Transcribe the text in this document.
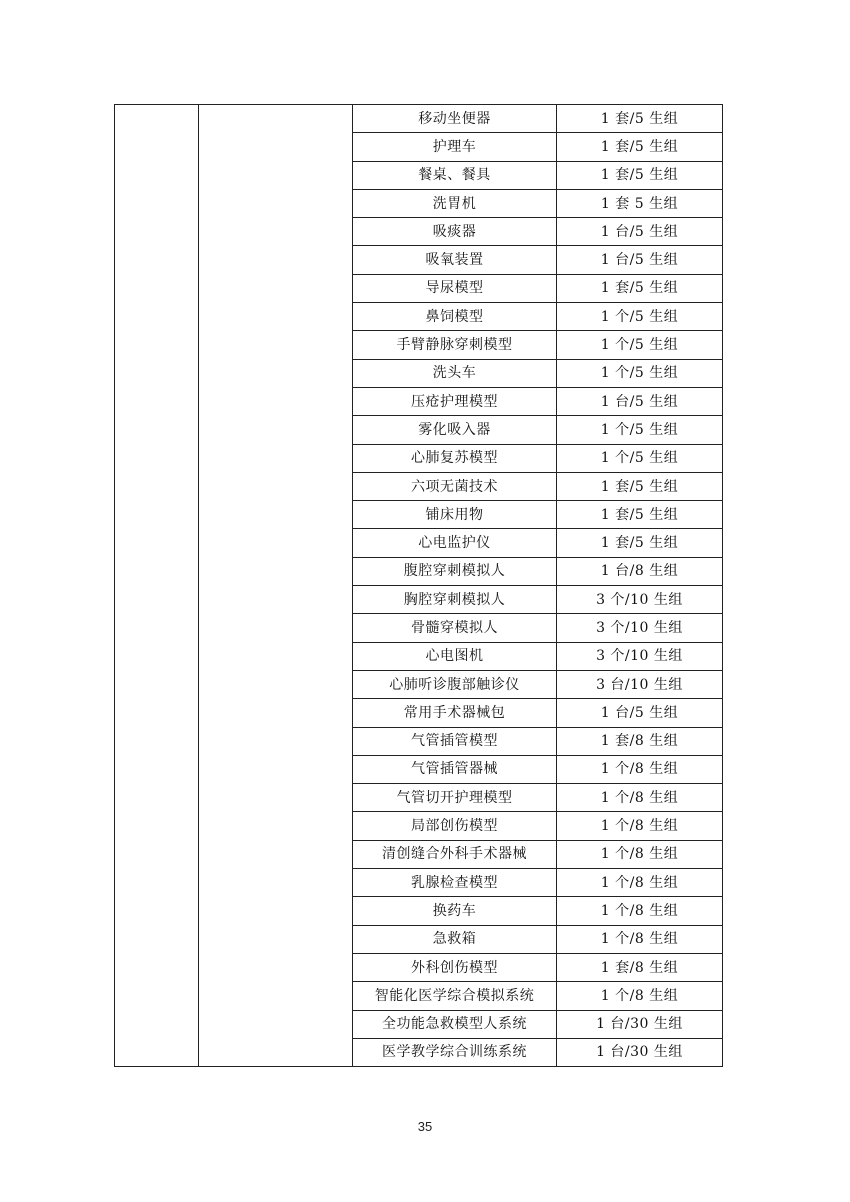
		移动坐便器	1 套/5 生组
		护理车	1 套/5 生组
		餐桌、餐具	1 套/5 生组
		洗胃机	1 套 5 生组
		吸痰器	1 台/5 生组
		吸氧装置	1 台/5 生组
		导尿模型	1 套/5 生组
		鼻饲模型	1 个/5 生组
		手臂静脉穿刺模型	1 个/5 生组
		洗头车	1 个/5 生组
		压疮护理模型	1 台/5 生组
		雾化吸入器	1 个/5 生组
		心肺复苏模型	1 个/5 生组
		六项无菌技术	1 套/5 生组
		铺床用物	1 套/5 生组
		心电监护仪	1 套/5 生组
		腹腔穿刺模拟人	1 台/8 生组
		胸腔穿刺模拟人	3 个/10 生组
		骨髓穿模拟人	3 个/10 生组
		心电图机	3 个/10 生组
		心肺听诊腹部触诊仪	3 台/10 生组
		常用手术器械包	1 台/5 生组
		气管插管模型	1 套/8 生组
		气管插管器械	1 个/8 生组
		气管切开护理模型	1 个/8 生组
		局部创伤模型	1 个/8 生组
		清创缝合外科手术器械	1 个/8 生组
		乳腺检查模型	1 个/8 生组
		换药车	1 个/8 生组
		急救箱	1 个/8 生组
		外科创伤模型	1 套/8 生组
		智能化医学综合模拟系统	1 个/8 生组
		全功能急救模型人系统	1 台/30 生组
		医学教学综合训练系统	1 台/30 生组
35
